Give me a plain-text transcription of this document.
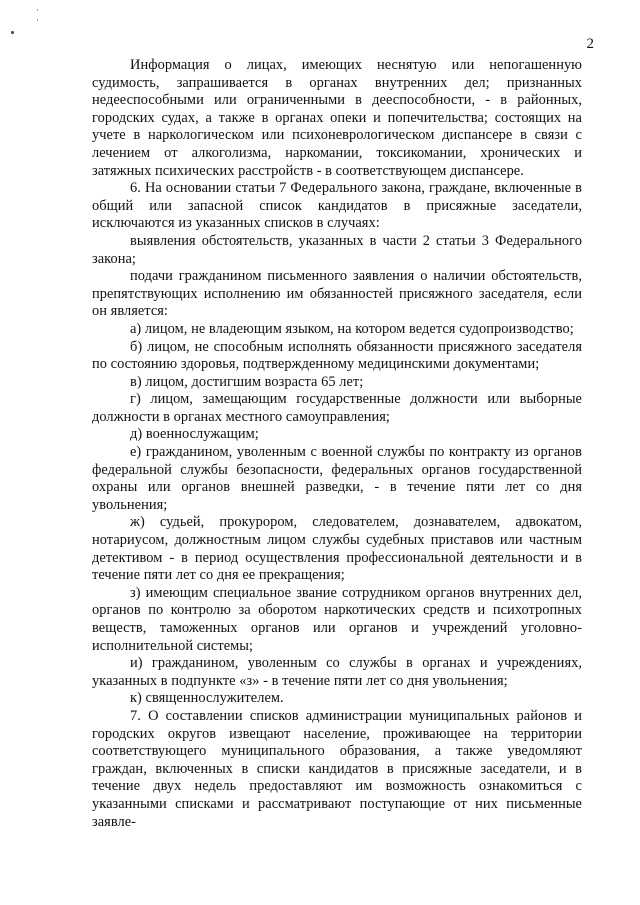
2

Информация о лицах, имеющих неснятую или непогашенную судимость, запрашивается в органах внутренних дел; признанных недееспособными или ограниченными в дееспособности, - в районных, городских судах, а также в органах опеки и попечительства; состоящих на учете в наркологическом или психоневрологическом диспансере в связи с лечением от алкоголизма, наркомании, токсикомании, хронических и затяжных психических расстройств - в соответствующем диспансере.

6. На основании статьи 7 Федерального закона, граждане, включенные в общий или запасной список кандидатов в присяжные заседатели, исключаются из указанных списков в случаях:

выявления обстоятельств, указанных в части 2 статьи 3 Федерального закона;

подачи гражданином письменного заявления о наличии обстоятельств, препятствующих исполнению им обязанностей присяжного заседателя, если он является:

а) лицом, не владеющим языком, на котором ведется судопроизводство;

б) лицом, не способным исполнять обязанности присяжного заседателя по состоянию здоровья, подтвержденному медицинскими документами;

в) лицом, достигшим возраста 65 лет;

г) лицом, замещающим государственные должности или выборные должности в органах местного самоуправления;

д) военнослужащим;

е) гражданином, уволенным с военной службы по контракту из органов федеральной службы безопасности, федеральных органов государственной охраны или органов внешней разведки, - в течение пяти лет со дня увольнения;

ж) судьей, прокурором, следователем, дознавателем, адвокатом, нотариусом, должностным лицом службы судебных приставов или частным детективом - в период осуществления профессиональной деятельности и в течение пяти лет со дня ее прекращения;

з) имеющим специальное звание сотрудником органов внутренних дел, органов по контролю за оборотом наркотических средств и психотропных веществ, таможенных органов или органов и учреждений уголовно-исполнительной системы;

и) гражданином, уволенным со службы в органах и учреждениях, указанных в подпункте «з» - в течение пяти лет со дня увольнения;

к) священнослужителем.

7. О составлении списков администрации муниципальных районов и городских округов извещают население, проживающее на территории соответствующего муниципального образования, а также уведомляют граждан, включенных в списки кандидатов в присяжные заседатели, и в течение двух недель предоставляют им возможность ознакомиться с указанными списками и рассматривают поступающие от них письменные заявле-
